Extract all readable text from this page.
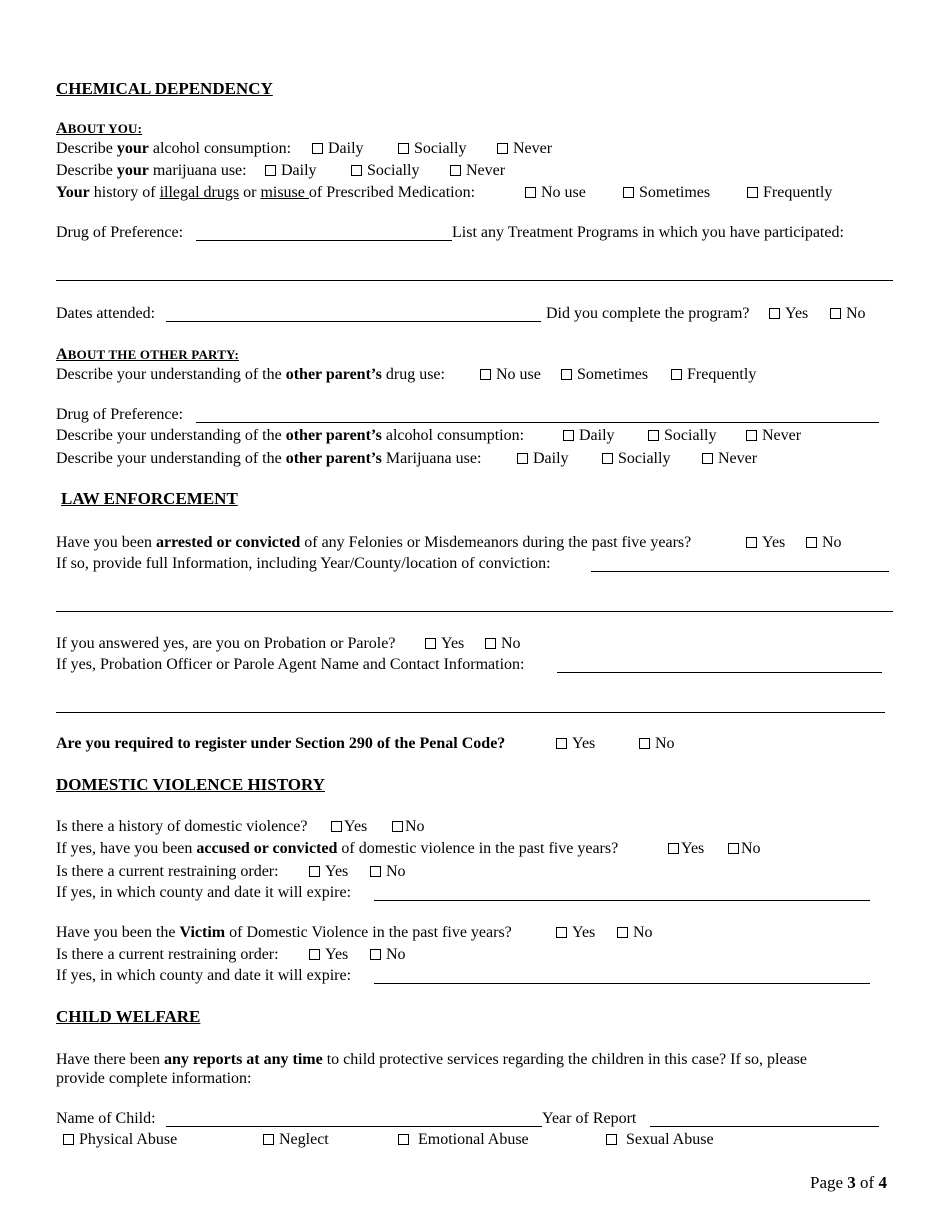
CHEMICAL DEPENDENCY
ABOUT YOU:
Describe your alcohol consumption:	Daily	Socially	Never
Describe your marijuana use:	Daily	Socially	Never
Your history of illegal drugs or misuse of Prescribed Medication:	No use	Sometimes	Frequently
Drug of Preference:	List any Treatment Programs in which you have participated:
Dates attended:	Did you complete the program?	Yes	No
ABOUT THE OTHER PARTY:
Describe your understanding of the other parent’s drug use:	No use	Sometimes	Frequently
Drug of Preference:
Describe your understanding of the other parent’s alcohol consumption:	Daily	Socially	Never
Describe your understanding of the other parent’s Marijuana use:	Daily	Socially	Never
LAW ENFORCEMENT
Have you been arrested or convicted of any Felonies or Misdemeanors during the past five years?	Yes	No
If so, provide full Information, including Year/County/location of conviction:
If you answered yes, are you on Probation or Parole?	Yes	No
If yes, Probation Officer or Parole Agent Name and Contact Information:
Are you required to register under Section 290 of the Penal Code?	Yes	No
DOMESTIC VIOLENCE HISTORY
Is there a history of domestic violence?	Yes	No
If yes, have you been accused or convicted of domestic violence in the past five years?	Yes	No
Is there a current restraining order:	Yes	No
If yes, in which county and date it will expire:
Have you been the Victim of Domestic Violence in the past five years?	Yes	No
Is there a current restraining order:	Yes	No
If yes, in which county and date it will expire:
CHILD WELFARE
Have there been any reports at any time to child protective services regarding the children in this case? If so, please
provide complete information:
Name of Child:	Year of Report
Physical Abuse	Neglect	Emotional Abuse	Sexual Abuse
Page 3 of 4
